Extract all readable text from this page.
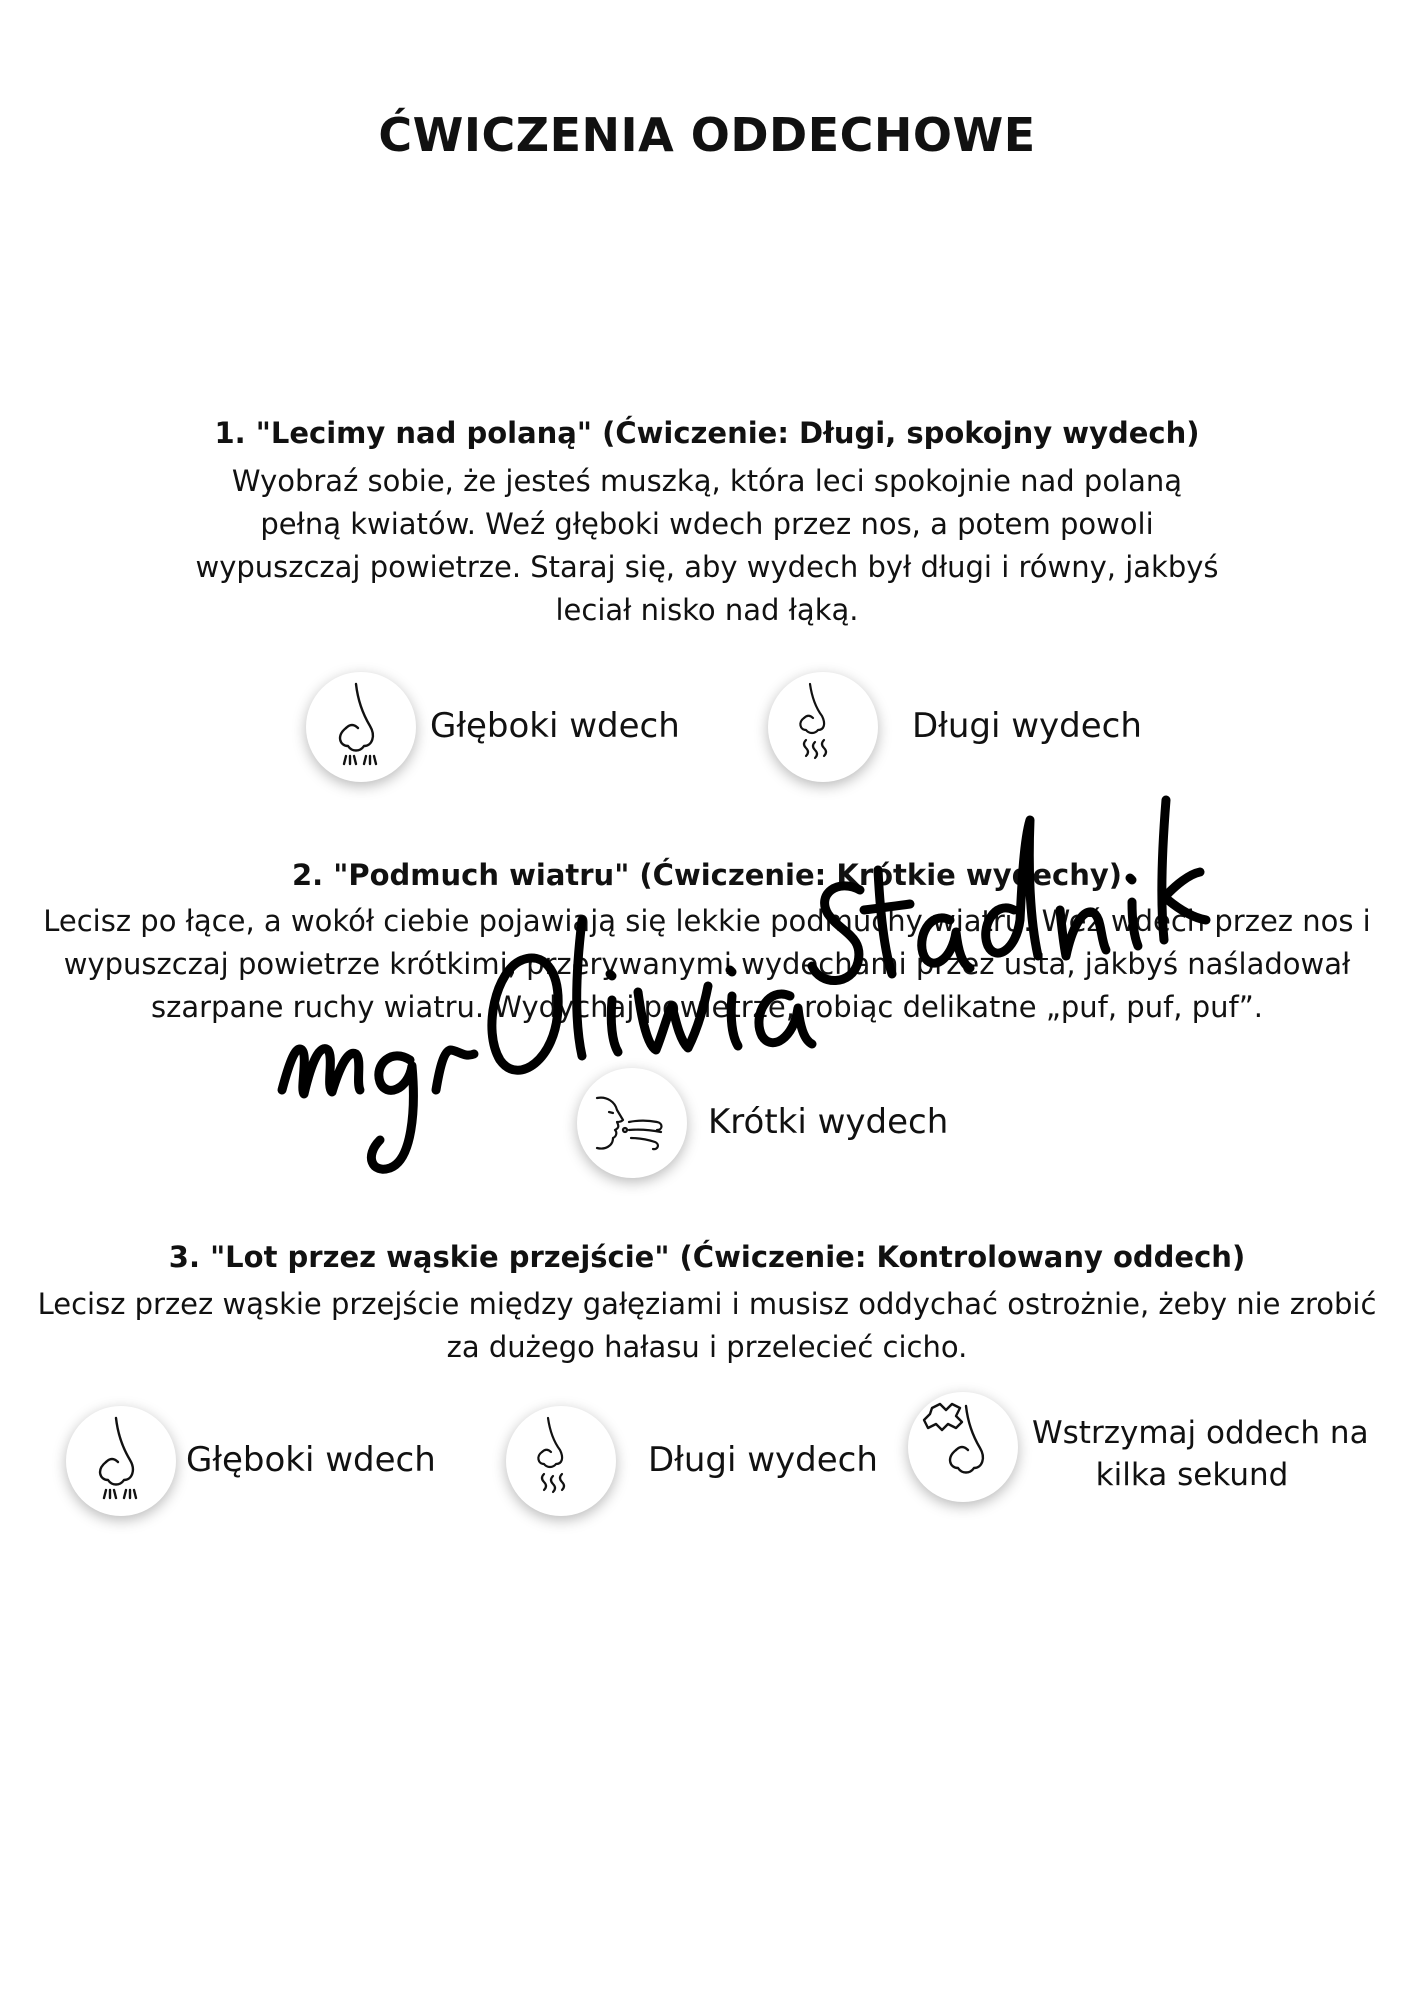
ĆWICZENIA ODDECHOWE

1. "Lecimy nad polaną" (Ćwiczenie: Długi, spokojny wydech)

Wyobraź sobie, że jesteś muszką, która leci spokojnie nad polaną
pełną kwiatów. Weź głęboki wdech przez nos, a potem powoli
wypuszczaj powietrze. Staraj się, aby wydech był długi i równy, jakbyś
leciał nisko nad łąką.

Głęboki wdech	Długi wydech

2. "Podmuch wiatru" (Ćwiczenie: Krótkie wydechy)

Lecisz po łące, a wokół ciebie pojawiają się lekkie podmuchy wiatru. Weź wdech przez nos i
wypuszczaj powietrze krótkimi, przerywanymi wydechami przez usta, jakbyś naśladował
szarpane ruchy wiatru. Wydychaj powietrze, robiąc delikatne „puf, puf, puf”.

Krótki wydech

3. "Lot przez wąskie przejście" (Ćwiczenie: Kontrolowany oddech)

Lecisz przez wąskie przejście między gałęziami i musisz oddychać ostrożnie, żeby nie zrobić
za dużego hałasu i przelecieć cicho.

Głęboki wdech	Długi wydech
Wstrzymaj oddech na
kilka sekund
